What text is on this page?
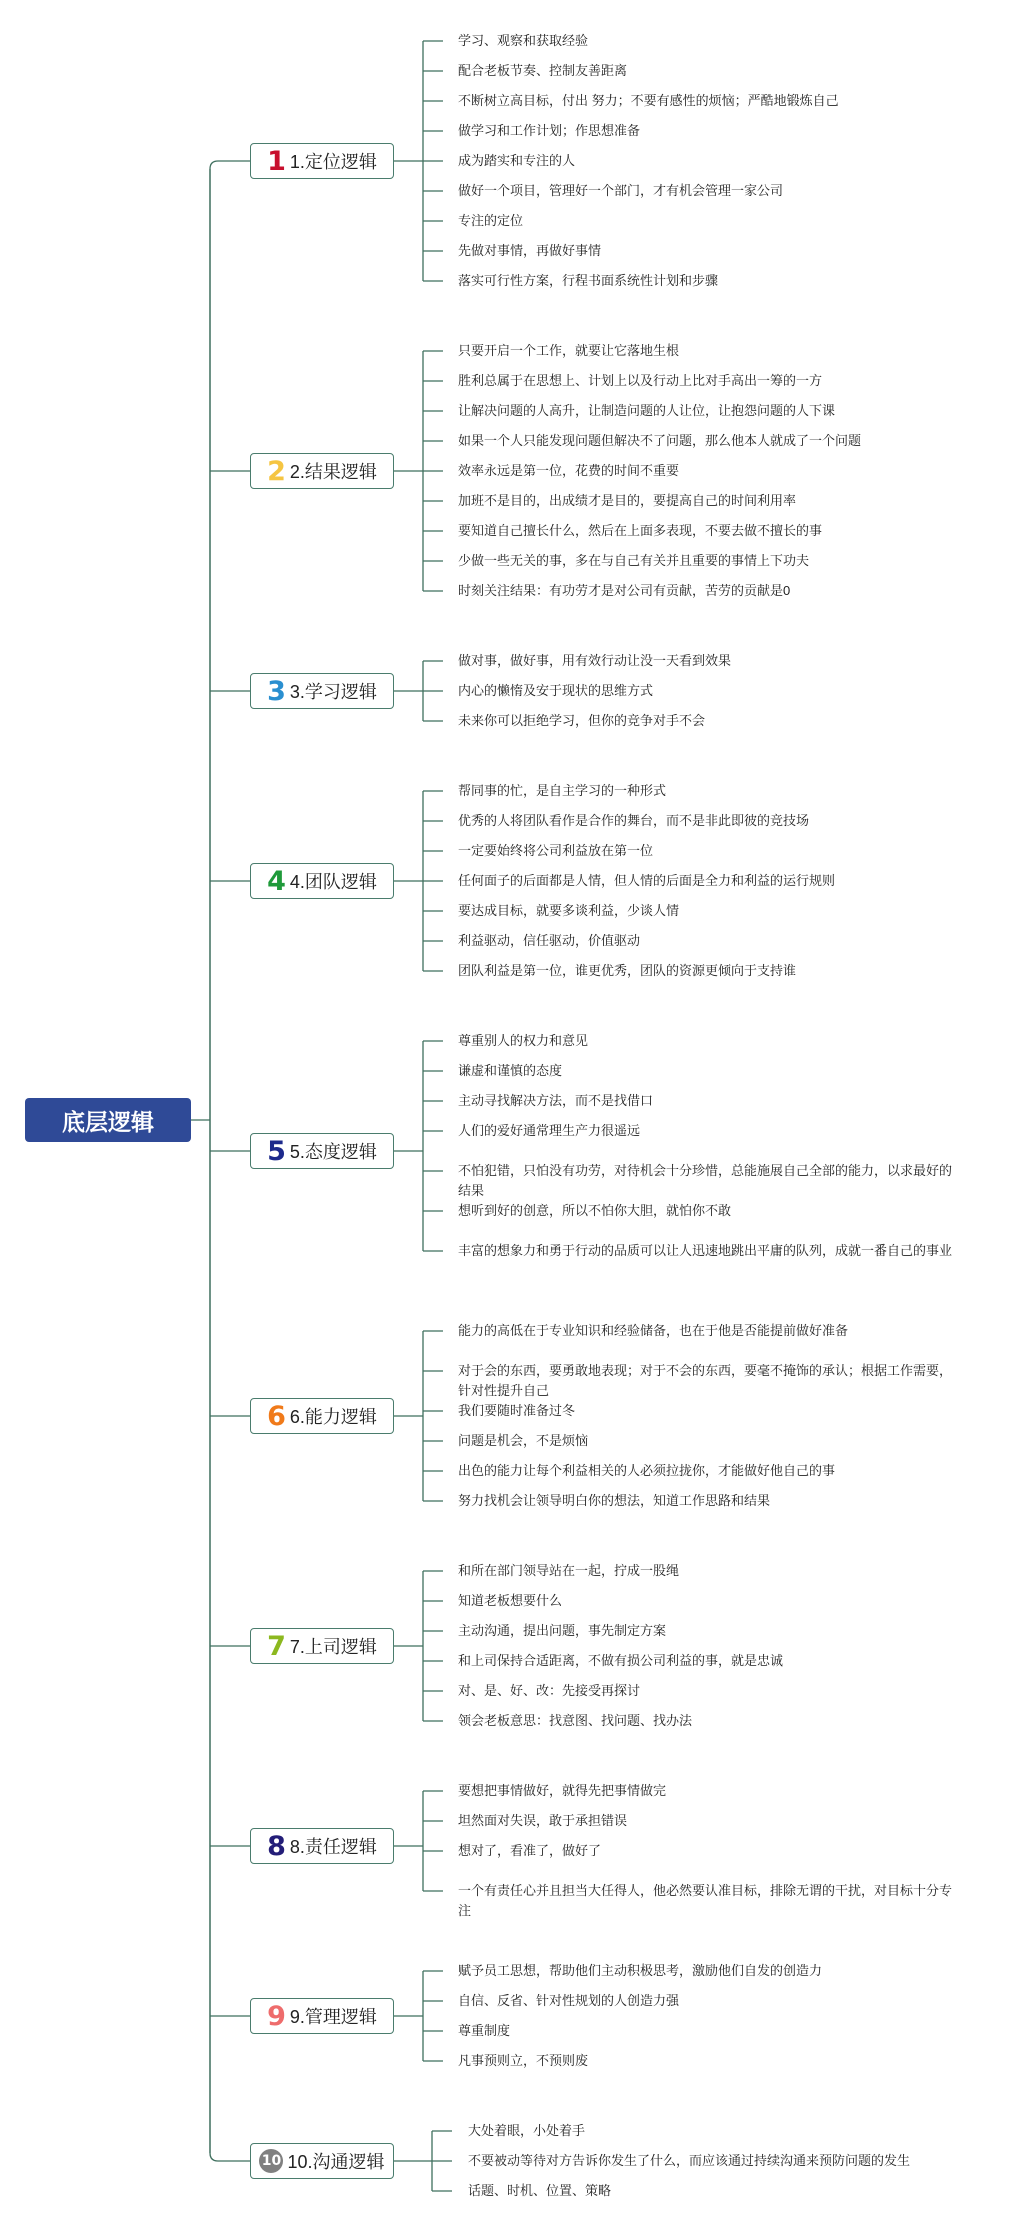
底层逻辑
1 1.定位逻辑
学习、观察和获取经验
配合老板节奏、控制友善距离
不断树立高目标，付出 努力；不要有感性的烦恼；严酷地锻炼自己
做学习和工作计划；作思想准备
成为踏实和专注的人
做好一个项目，管理好一个部门，才有机会管理一家公司
专注的定位
先做对事情，再做好事情
落实可行性方案，行程书面系统性计划和步骤
2 2.结果逻辑
只要开启一个工作，就要让它落地生根
胜利总属于在思想上、计划上以及行动上比对手高出一筹的一方
让解决问题的人高升，让制造问题的人让位，让抱怨问题的人下课
如果一个人只能发现问题但解决不了问题，那么他本人就成了一个问题
效率永远是第一位，花费的时间不重要
加班不是目的，出成绩才是目的，要提高自己的时间利用率
要知道自己擅长什么，然后在上面多表现，不要去做不擅长的事
少做一些无关的事，多在与自己有关并且重要的事情上下功夫
时刻关注结果：有功劳才是对公司有贡献，苦劳的贡献是0
3 3.学习逻辑
做对事，做好事，用有效行动让没一天看到效果
内心的懒惰及安于现状的思维方式
未来你可以拒绝学习，但你的竞争对手不会
4 4.团队逻辑
帮同事的忙，是自主学习的一种形式
优秀的人将团队看作是合作的舞台，而不是非此即彼的竞技场
一定要始终将公司利益放在第一位
任何面子的后面都是人情，但人情的后面是全力和利益的运行规则
要达成目标，就要多谈利益，少谈人情
利益驱动，信任驱动，价值驱动
团队利益是第一位，谁更优秀，团队的资源更倾向于支持谁
5 5.态度逻辑
尊重别人的权力和意见
谦虚和谨慎的态度
主动寻找解决方法，而不是找借口
人们的爱好通常理生产力很遥远
不怕犯错，只怕没有功劳，对待机会十分珍惜，总能施展自己全部的能力，以求最好的结果
想听到好的创意，所以不怕你大胆，就怕你不敢
丰富的想象力和勇于行动的品质可以让人迅速地跳出平庸的队列，成就一番自己的事业
6 6.能力逻辑
能力的高低在于专业知识和经验储备，也在于他是否能提前做好准备
对于会的东西，要勇敢地表现；对于不会的东西，要毫不掩饰的承认；根据工作需要，针对性提升自己
我们要随时准备过冬
问题是机会，不是烦恼
出色的能力让每个利益相关的人必须拉拢你，才能做好他自己的事
努力找机会让领导明白你的想法，知道工作思路和结果
7 7.上司逻辑
和所在部门领导站在一起，拧成一股绳
知道老板想要什么
主动沟通，提出问题，事先制定方案
和上司保持合适距离，不做有损公司利益的事，就是忠诚
对、是、好、改：先接受再探讨
领会老板意思：找意图、找问题、找办法
8 8.责任逻辑
要想把事情做好，就得先把事情做完
坦然面对失误，敢于承担错误
想对了，看准了，做好了
一个有责任心并且担当大任得人，他必然要认准目标，排除无谓的干扰，对目标十分专注
9 9.管理逻辑
赋予员工思想，帮助他们主动积极思考，激励他们自发的创造力
自信、反省、针对性规划的人创造力强
尊重制度
凡事预则立，不预则废
10 10.沟通逻辑
大处着眼，小处着手
不要被动等待对方告诉你发生了什么，而应该通过持续沟通来预防问题的发生
话题、时机、位置、策略
